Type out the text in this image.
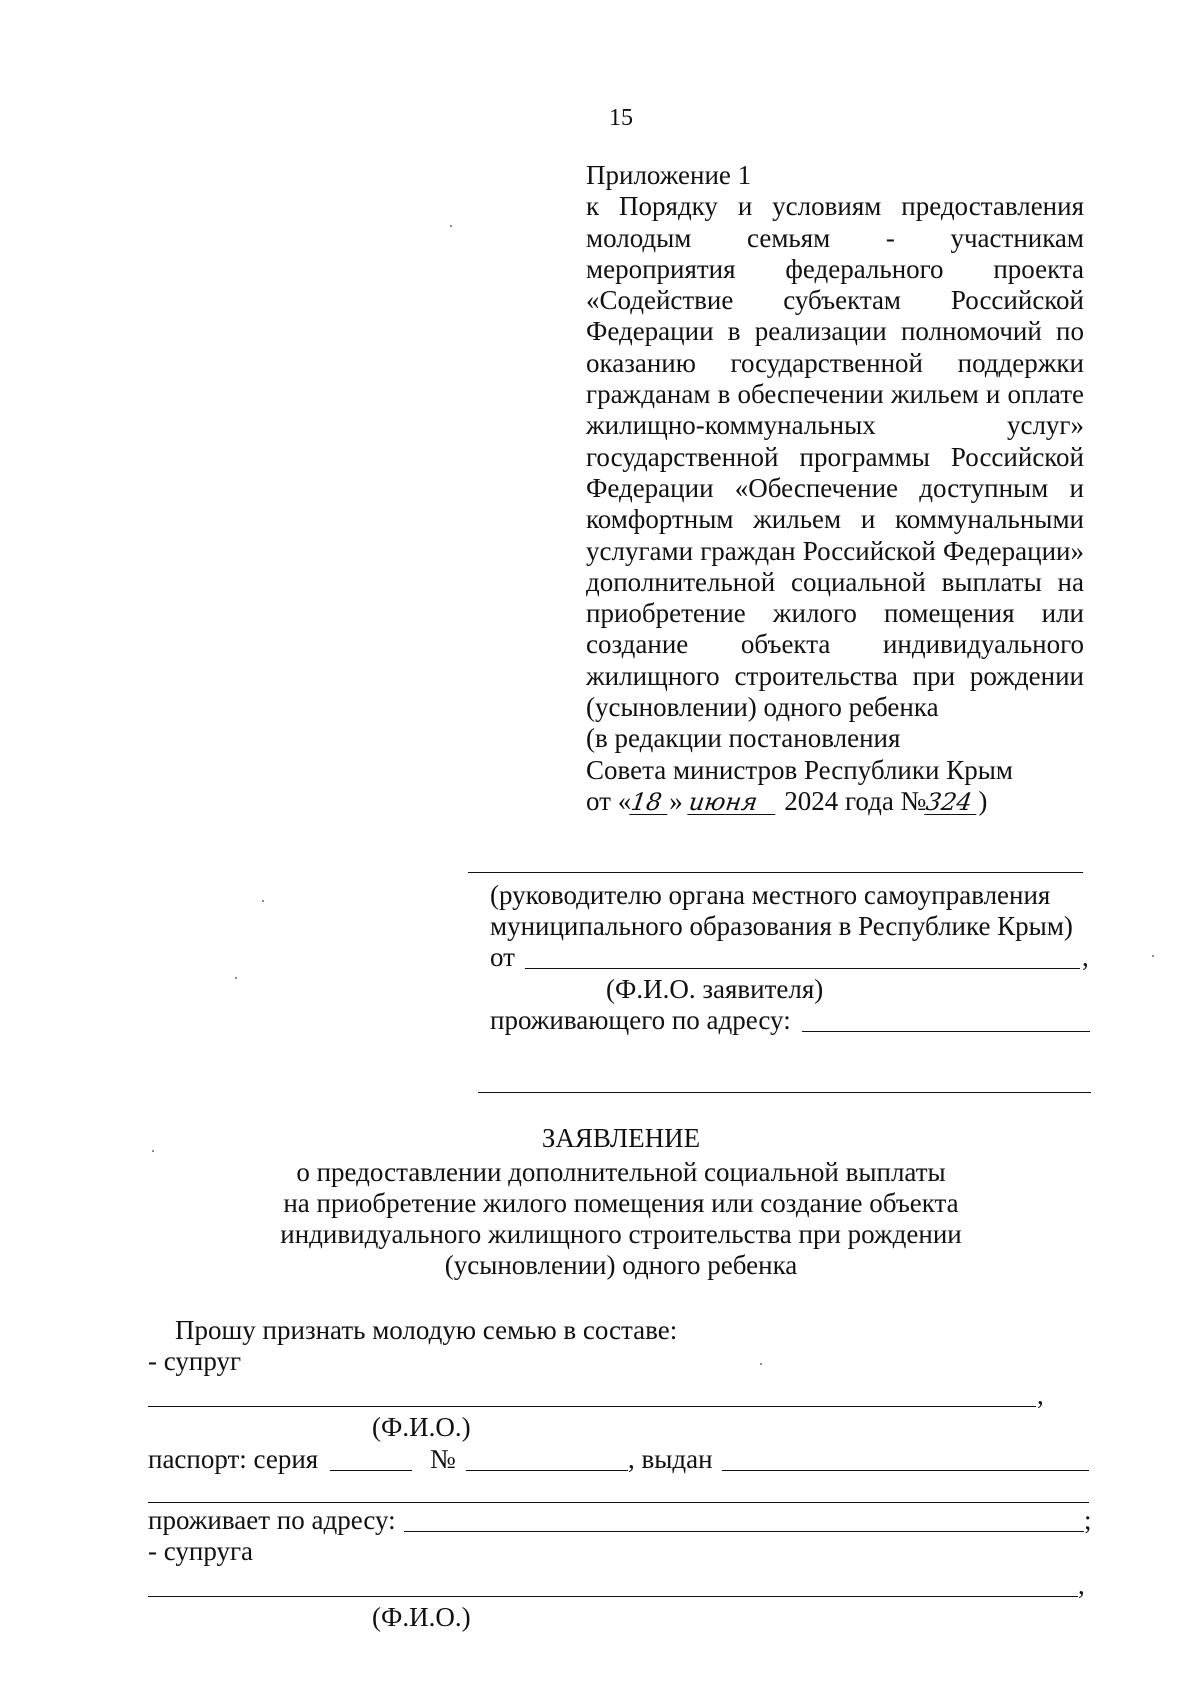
15
Приложение 1
к Порядку и условиям предоставления
молодым семьям - участникам
мероприятия федерального проекта
«Содействие субъектам Российской
Федерации в реализации полномочий по
оказанию государственной поддержки
гражданам в обеспечении жильем и оплате
жилищно-коммунальных услуг»
государственной программы Российской
Федерации «Обеспечение доступным и
комфортным жильем и коммунальными
услугами граждан Российской Федерации»
дополнительной социальной выплаты на
приобретение жилого помещения или
создание объекта индивидуального
жилищного строительства при рождении
(усыновлении) одного ребенка
(в редакции постановления
Совета министров Республики Крым
от «18 » июня 2024 года №324 )
(руководителю органа местного самоуправления
муниципального образования в Республике Крым)
от	,
(Ф.И.О. заявителя)
проживающего по адресу:
ЗАЯВЛЕНИЕ
о предоставлении дополнительной социальной выплаты
на приобретение жилого помещения или создание объекта
индивидуального жилищного строительства при рождении
(усыновлении) одного ребенка
Прошу признать молодую семью в составе:
- супруг
,
(Ф.И.О.)
паспорт: серия	№	, выдан
проживает по адресу:	;
- супруга
,
(Ф.И.О.)
